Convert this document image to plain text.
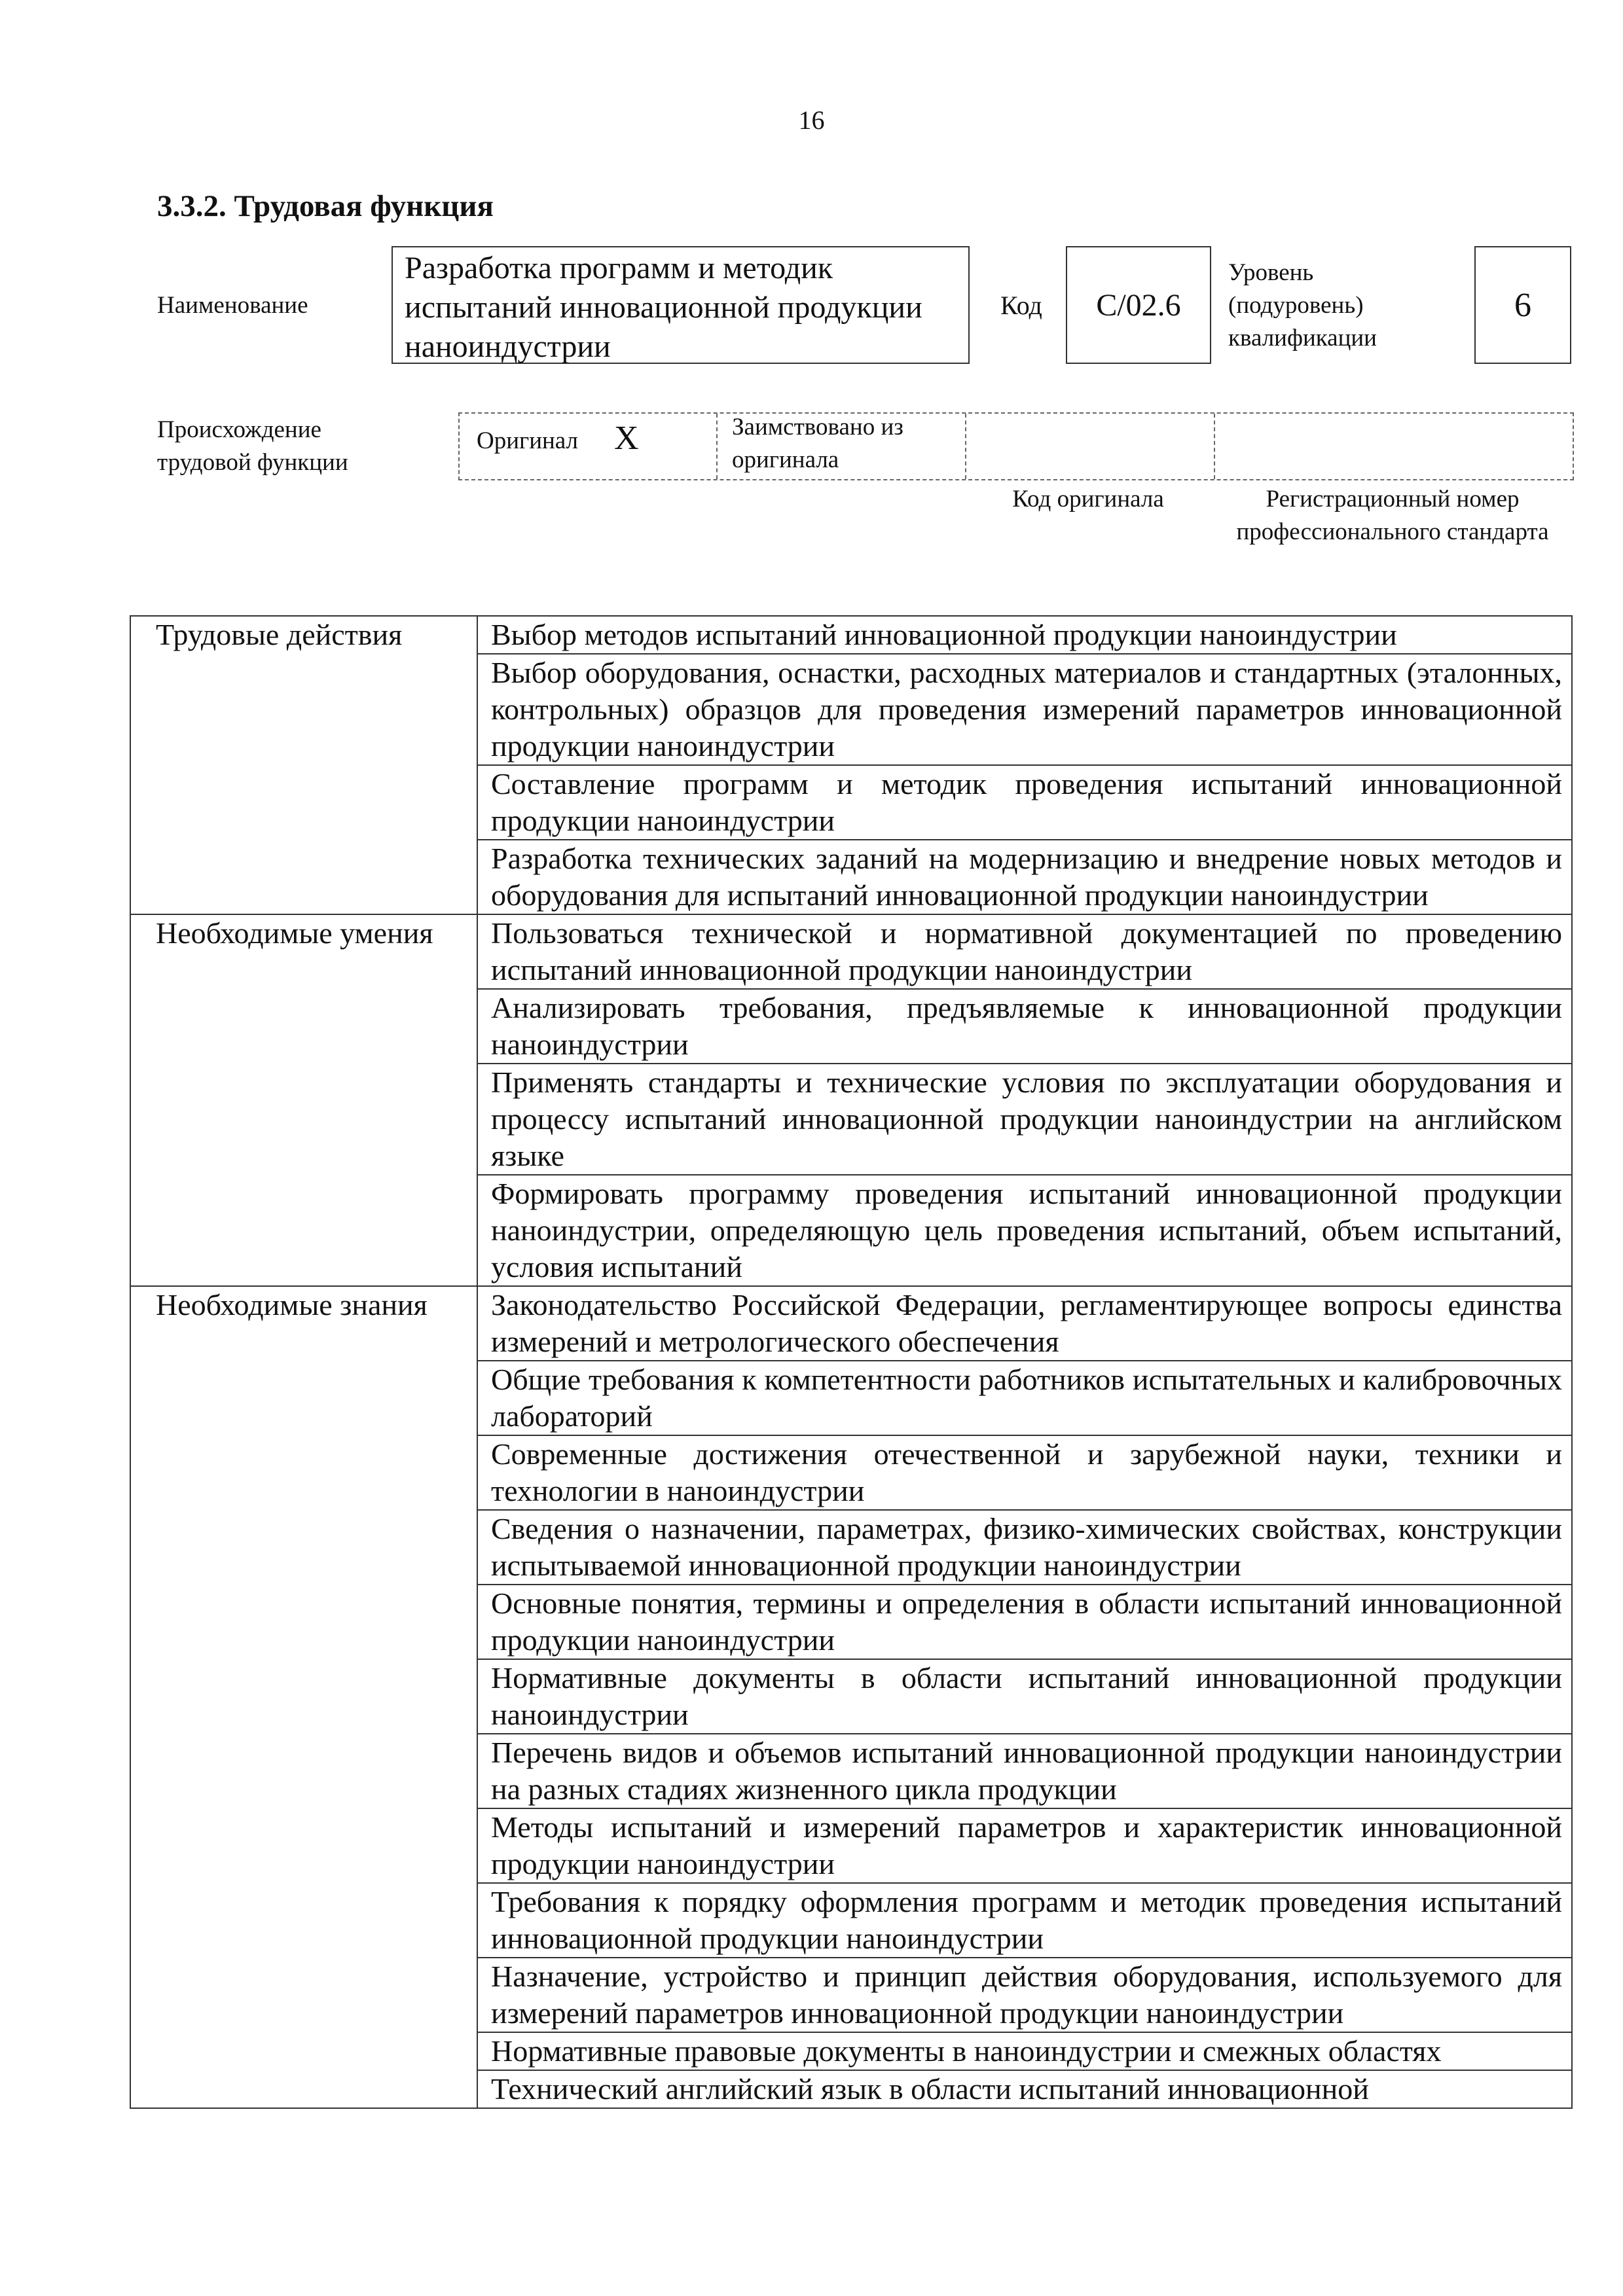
16
3.3.2. Трудовая функция
Наименование
Разработка программ и методик испытаний инновационной продукции наноиндустрии
Код	C/02.6
Уровень (подуровень) квалификации
6
Происхождение трудовой функции
Оригинал X	Заимствовано из оригинала
Код оригинала	Регистрационный номер профессионального стандарта
Трудовые действия	Выбор методов испытаний инновационной продукции наноиндустрии
	Выбор оборудования, оснастки, расходных материалов и стандартных (эталонных, контрольных) образцов для проведения измерений параметров инновационной продукции наноиндустрии
	Составление программ и методик проведения испытаний инновационной продукции наноиндустрии
	Разработка технических заданий на модернизацию и внедрение новых методов и оборудования для испытаний инновационной продукции наноиндустрии
Необходимые умения	Пользоваться технической и нормативной документацией по проведению испытаний инновационной продукции наноиндустрии
	Анализировать требования, предъявляемые к инновационной продукции наноиндустрии
	Применять стандарты и технические условия по эксплуатации оборудования и процессу испытаний инновационной продукции наноиндустрии на английском языке
	Формировать программу проведения испытаний инновационной продукции наноиндустрии, определяющую цель проведения испытаний, объем испытаний, условия испытаний
Необходимые знания	Законодательство Российской Федерации, регламентирующее вопросы единства измерений и метрологического обеспечения
	Общие требования к компетентности работников испытательных и калибровочных лабораторий
	Современные достижения отечественной и зарубежной науки, техники и технологии в наноиндустрии
	Сведения о назначении, параметрах, физико-химических свойствах, конструкции испытываемой инновационной продукции наноиндустрии
	Основные понятия, термины и определения в области испытаний инновационной продукции наноиндустрии
	Нормативные документы в области испытаний инновационной продукции наноиндустрии
	Перечень видов и объемов испытаний инновационной продукции наноиндустрии на разных стадиях жизненного цикла продукции
	Методы испытаний и измерений параметров и характеристик инновационной продукции наноиндустрии
	Требования к порядку оформления программ и методик проведения испытаний инновационной продукции наноиндустрии
	Назначение, устройство и принцип действия оборудования, используемого для измерений параметров инновационной продукции наноиндустрии
	Нормативные правовые документы в наноиндустрии и смежных областях
	Технический английский язык в области испытаний инновационной
